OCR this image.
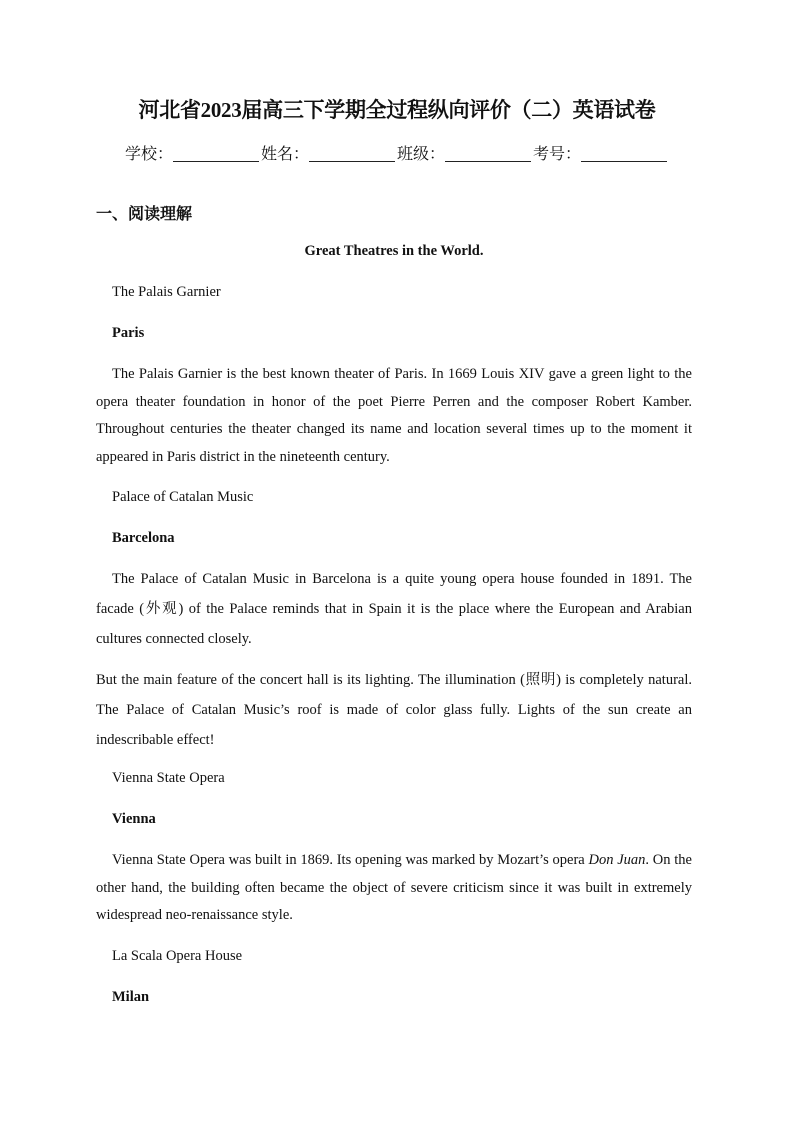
河北省2023届高三下学期全过程纵向评价（二）英语试卷
学校：	姓名：	班级：	考号：
一、阅读理解
Great Theatres in the World.
The Palais Garnier
Paris
The Palais Garnier is the best known theater of Paris. In 1669 Louis XIV gave a green light to the opera theater foundation in honor of the poet Pierre Perren and the composer Robert Kamber. Throughout centuries the theater changed its name and location several times up to the moment it appeared in Paris district in the nineteenth century.
Palace of Catalan Music
Barcelona
The Palace of Catalan Music in Barcelona is a quite young opera house founded in 1891. The facade (外观) of the Palace reminds that in Spain it is the place where the European and Arabian cultures connected closely.
But the main feature of the concert hall is its lighting. The illumination (照明) is completely natural. The Palace of Catalan Music’s roof is made of color glass fully. Lights of the sun create an indescribable effect!
Vienna State Opera
Vienna
Vienna State Opera was built in 1869. Its opening was marked by Mozart’s opera Don Juan. On the other hand, the building often became the object of severe criticism since it was built in extremely widespread neo-renaissance style.
La Scala Opera House
Milan
